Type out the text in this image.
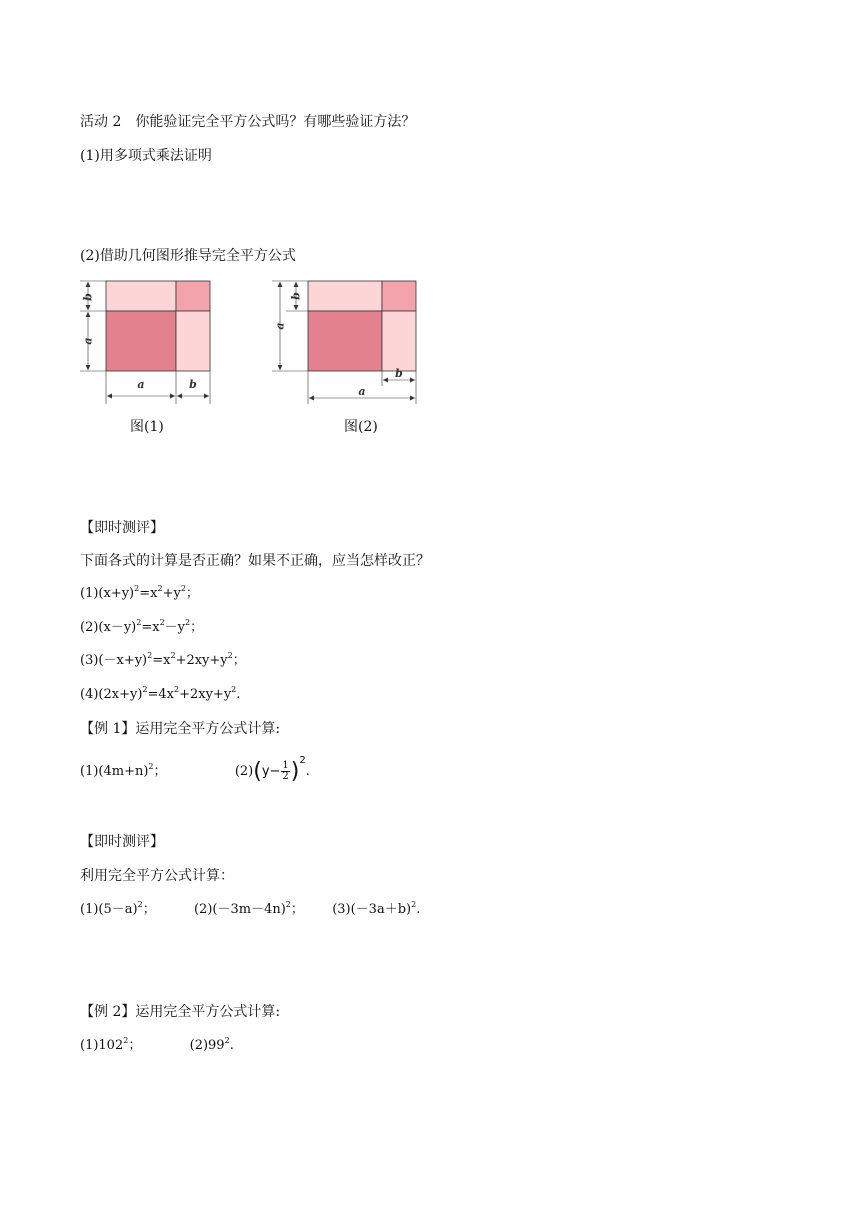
活动 2　你能验证完全平方公式吗？有哪些验证方法？
(1)用多项式乘法证明
(2)借助几何图形推导完全平方公式
b
a
a	b
图(1)
a
b
b
a
图(2)
【即时测评】
下面各式的计算是否正确？如果不正确，应当怎样改正？
$(1)(x+y)^2=x^2+y^2$；
$(2)(x-y)^2=x^2-y^2$；
$(3)(-x+y)^2=x^2+2xy+y^2$；
$(4)(2x+y)^2=4x^2+2xy+y^2$.
【例 1】运用完全平方公式计算:
$(1)(4m+n)^2$；	$(2)(y- \frac{1}{2} )^2$.
【即时测评】
利用完全平方公式计算：
$(1)(5-a)^2$；	$(2)(-3m-4n)^2$； $(3)(-3a+b)^2$.
【例 2】运用完全平方公式计算:
$(1)102^2$；	$(2)99^2$.
